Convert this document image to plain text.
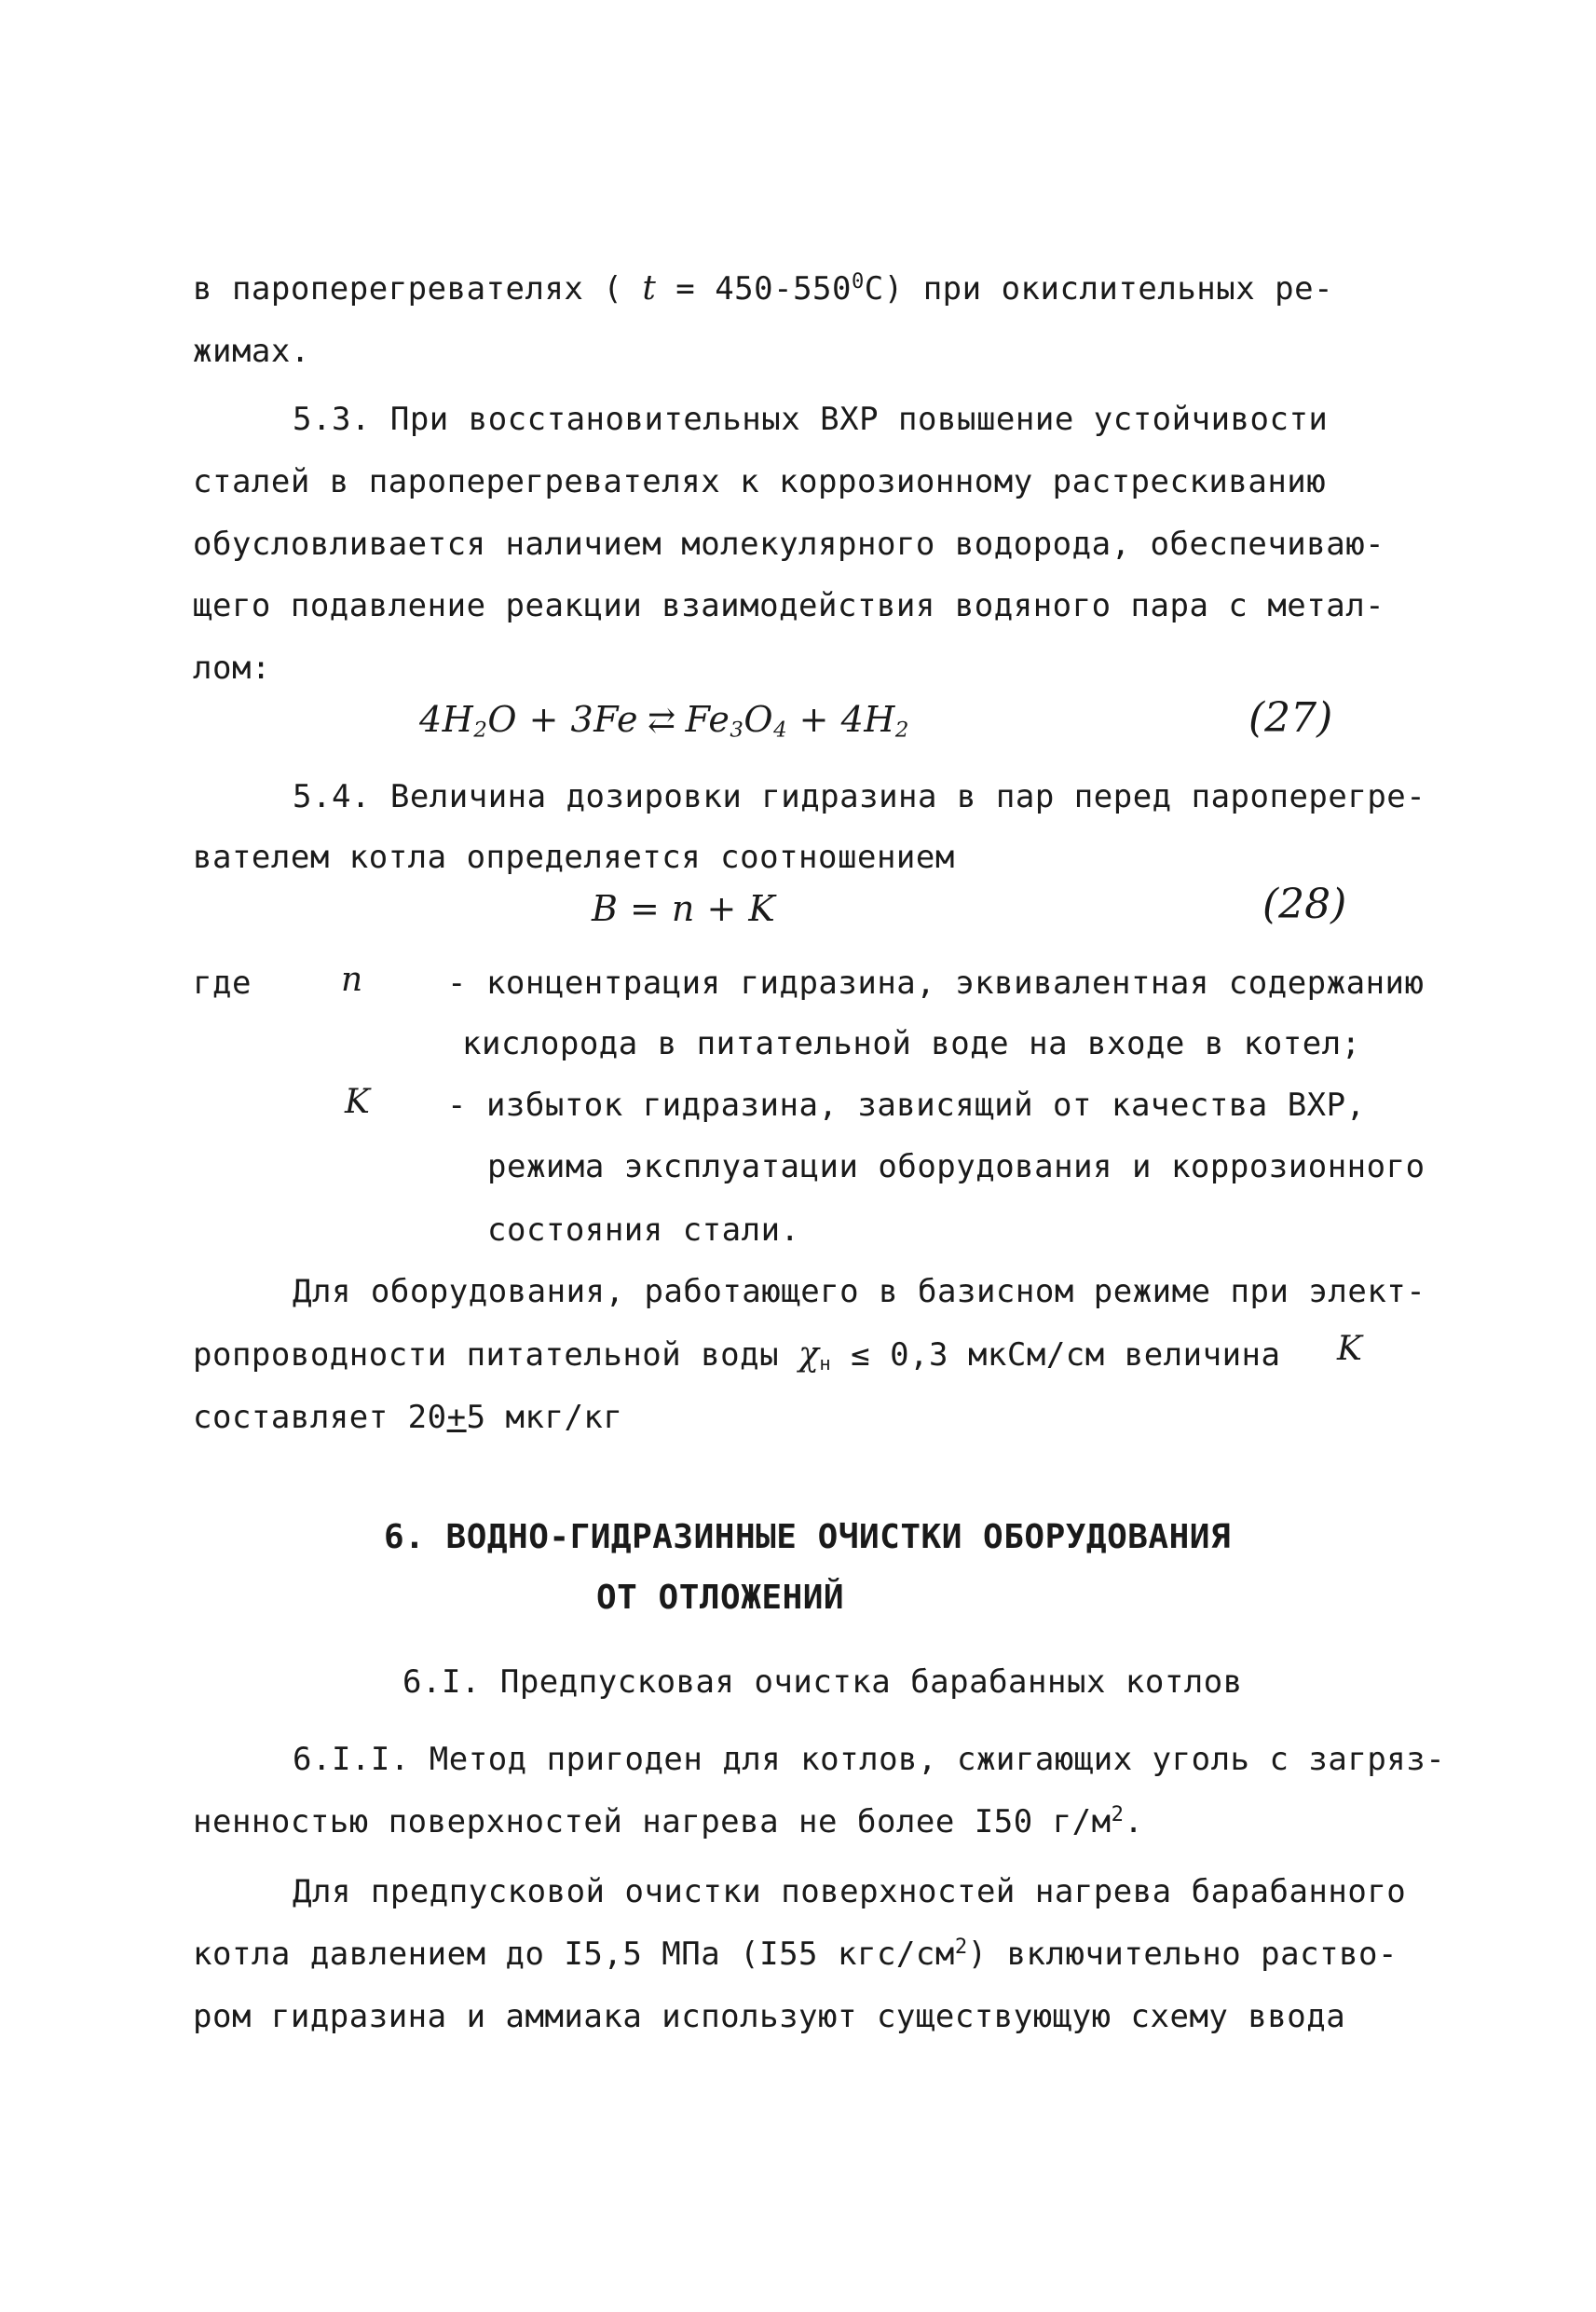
в пароперегревателях ( $t = 450-550^0C$) при окислительных ре-
жимах.
5.3. При восстановительных ВХР повышение устойчивости
сталей в пароперегревателях к коррозионному растрескиванию
обусловливается наличием молекулярного водорода, обеспечиваю-
щего подавление реакции взаимодействия водяного пара с метал-
лом:
$4H_2O + 3Fe$ ⇄ $Fe_3O_4 + 4H_2$	(27)
5.4. Величина дозировки гидразина в пар перед пароперегре-
вателем котла определяется соотношением
B = n + K	(28)
где	n	- концентрация гидразина, эквивалентная содержанию
кислорода в питательной воде на входе в котел;
K - избыток гидразина, зависящий от качества ВХР,
режима эксплуатации оборудования и коррозионного
состояния стали.
Для оборудования, работающего в базисном режиме при элект-
ропроводности питательной воды $\chi_н \le 0,3$ мкСм/см величина K
составляет 20+5 мкг/кг
6. ВОДНО-ГИДРАЗИННЫЕ ОЧИСТКИ ОБОРУДОВАНИЯ
ОТ ОТЛОЖЕНИЙ
6.I. Предпусковая очистка барабанных котлов
6.I.I. Метод пригоден для котлов, сжигающих уголь с загряз-
ненностью поверхностей нагрева не более I50 $г/м^2$.
Для предпусковой очистки поверхностей нагрева барабанного
котла давлением до I5,5 МПа (I55 кгс/$см^2$) включительно раство-
ром гидразина и аммиака используют существующую схему ввода
